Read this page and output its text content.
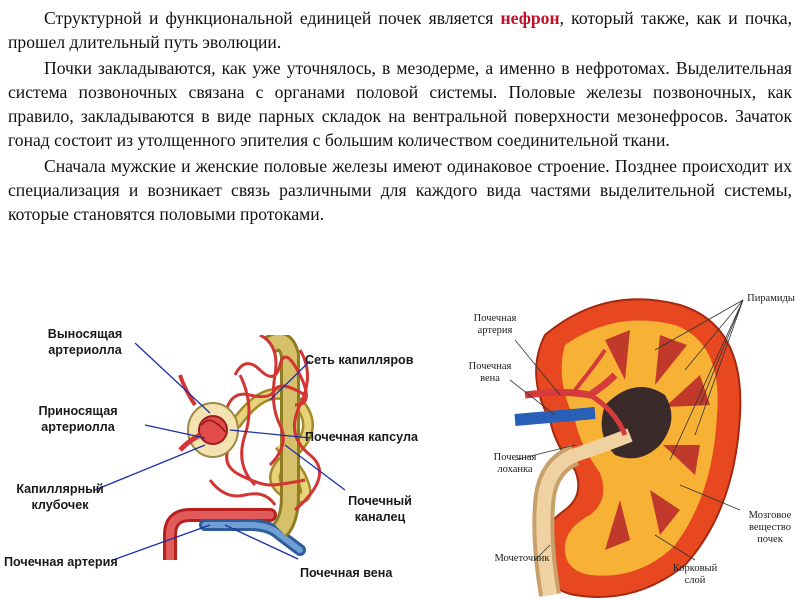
Структурной и функциональной единицей почек является нефрон, который также, как и почка, прошел длительный путь эволюции.

Почки закладываются, как уже уточнялось, в мезодерме, а именно в нефротомах. Выделительная система позвоночных связана с органами половой системы. Половые железы позвоночных, как правило, закладываются в виде парных складок на вентральной поверхности мезонефросов. Зачаток гонад состоит из утолщенного эпителия с большим количеством соединительной ткани.

Сначала мужские и женские половые железы имеют одинаковое строение. Позднее происходит их специализация и возникает связь различными для каждого вида частями выделительной системы, которые становятся половыми протоками.

Выносящая
артериолла
Приносящая
артериолла
Капиллярный
клубочек
Почечная артерия
Сеть капилляров
Почечная капсула
Почечный
каналец
Почечная вена
Пирамиды
Почечная
артерия
Почечная
вена
Почечная
лоханка
Мозговое
вещество
почек
Мочеточник
Корковый
слой
